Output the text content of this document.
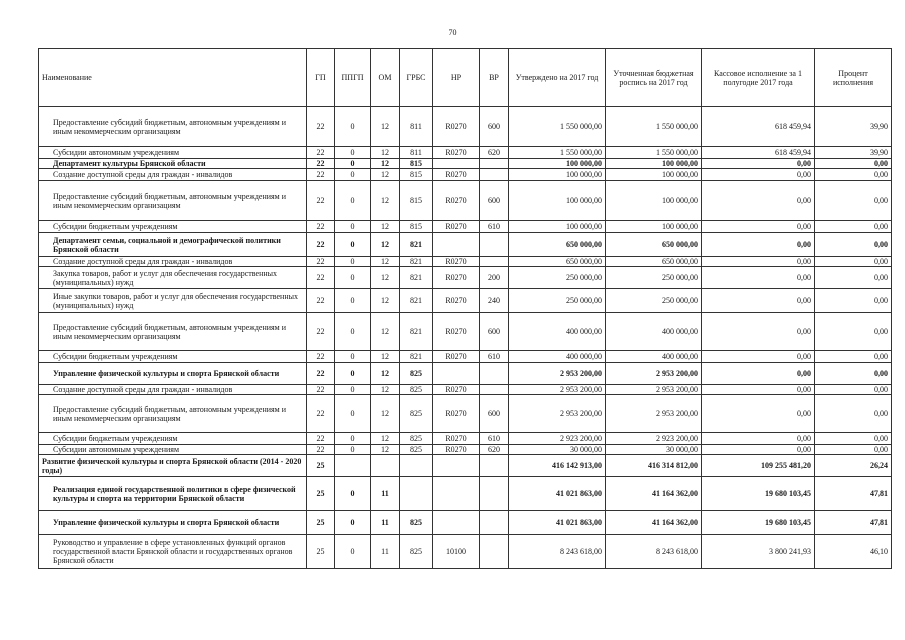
70
Наименование	ГП	ППГП	ОМ	ГРБС	НР	ВР	Утверждено на 2017 год	Уточненная бюджетная роспись на 2017 год	Кассовое исполнение за 1 полугодие 2017 года	Процент исполнения
Предоставление субсидий бюджетным, автономным учреждениям и иным некоммерческим организациям	22	0	12	811	R0270	600	1 550 000,00	1 550 000,00	618 459,94	39,90
Субсидии автономным учреждениям	22	0	12	811	R0270	620	1 550 000,00	1 550 000,00	618 459,94	39,90
Департамент культуры Брянской области	22	0	12	815			100 000,00	100 000,00	0,00	0,00
Создание доступной среды для граждан - инвалидов	22	0	12	815	R0270		100 000,00	100 000,00	0,00	0,00
Предоставление субсидий бюджетным, автономным учреждениям и иным некоммерческим организациям	22	0	12	815	R0270	600	100 000,00	100 000,00	0,00	0,00
Субсидии бюджетным учреждениям	22	0	12	815	R0270	610	100 000,00	100 000,00	0,00	0,00
Департамент семьи, социальной и демографической политики Брянской области	22	0	12	821			650 000,00	650 000,00	0,00	0,00
Создание доступной среды для граждан - инвалидов	22	0	12	821	R0270		650 000,00	650 000,00	0,00	0,00
Закупка товаров, работ и услуг для обеспечения государственных (муниципальных) нужд	22	0	12	821	R0270	200	250 000,00	250 000,00	0,00	0,00
Иные закупки товаров, работ и услуг для обеспечения государственных (муниципальных) нужд	22	0	12	821	R0270	240	250 000,00	250 000,00	0,00	0,00
Предоставление субсидий бюджетным, автономным учреждениям и иным некоммерческим организациям	22	0	12	821	R0270	600	400 000,00	400 000,00	0,00	0,00
Субсидии бюджетным учреждениям	22	0	12	821	R0270	610	400 000,00	400 000,00	0,00	0,00
Управление физической культуры и спорта Брянской области	22	0	12	825			2 953 200,00	2 953 200,00	0,00	0,00
Создание доступной среды для граждан - инвалидов	22	0	12	825	R0270		2 953 200,00	2 953 200,00	0,00	0,00
Предоставление субсидий бюджетным, автономным учреждениям и иным некоммерческим организациям	22	0	12	825	R0270	600	2 953 200,00	2 953 200,00	0,00	0,00
Субсидии бюджетным учреждениям	22	0	12	825	R0270	610	2 923 200,00	2 923 200,00	0,00	0,00
Субсидии автономным учреждениям	22	0	12	825	R0270	620	30 000,00	30 000,00	0,00	0,00
Развитие физической культуры и спорта Брянской области (2014 - 2020 годы)	25						416 142 913,00	416 314 812,00	109 255 481,20	26,24
Реализация единой государственной политики в сфере физической культуры и спорта на территории Брянской области	25	0	11				41 021 863,00	41 164 362,00	19 680 103,45	47,81
Управление физической культуры и спорта Брянской области	25	0	11	825			41 021 863,00	41 164 362,00	19 680 103,45	47,81
Руководство и управление в сфере установленных функций органов государственной власти Брянской области и государственных органов Брянской области	25	0	11	825	10100		8 243 618,00	8 243 618,00	3 800 241,93	46,10
